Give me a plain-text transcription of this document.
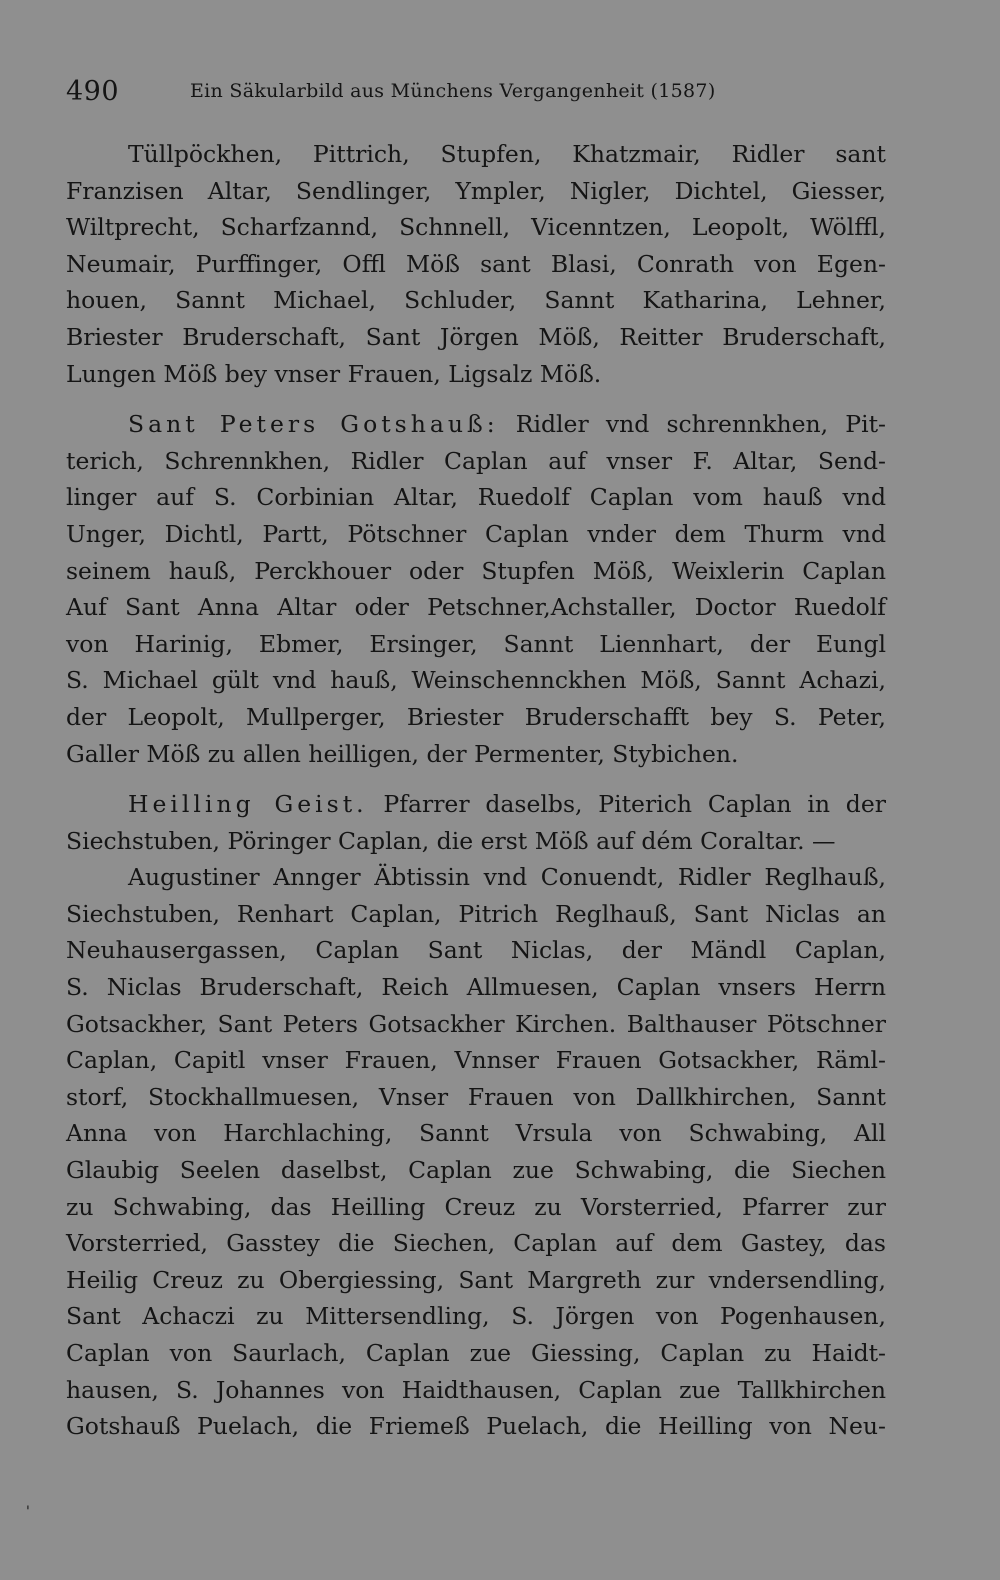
490	Ein Säkularbild aus Münchens Vergangenheit (1587)

Tüllpöckhen, Pittrich, Stupfen, Khatzmair, Ridler sant
Franzisen Altar, Sendlinger, Ympler, Nigler, Dichtel, Giesser,
Wiltprecht, Scharfzannd, Schnnell, Vicenntzen, Leopolt, Wölffl,
Neumair, Purffinger, Offl Möß sant Blasi, Conrath von Egen-
houen, Sannt Michael, Schluder, Sannt Katharina, Lehner,
Briester Bruderschaft, Sant Jörgen Möß, Reitter Bruderschaft,
Lungen Möß bey vnser Frauen, Ligsalz Möß.

Sant Peters Gotshauß: Ridler vnd schrennkhen, Pit-
terich, Schrennkhen, Ridler Caplan auf vnser F. Altar, Send-
linger auf S. Corbinian Altar, Ruedolf Caplan vom hauß vnd
Unger, Dichtl, Partt, Pötschner Caplan vnder dem Thurm vnd
seinem hauß, Perckhouer oder Stupfen Möß, Weixlerin Caplan
Auf Sant Anna Altar oder Petschner,Achstaller, Doctor Ruedolf
von Harinig, Ebmer, Ersinger, Sannt Liennhart, der Eungl
S. Michael gült vnd hauß, Weinschennckhen Möß, Sannt Achazi,
der Leopolt, Mullperger, Briester Bruderschafft bey S. Peter,
Galler Möß zu allen heilligen, der Permenter, Stybichen.

Heilling Geist. Pfarrer daselbs, Piterich Caplan in der
Siechstuben, Pöringer Caplan, die erst Möß auf dém Coraltar. —

Augustiner Annger Äbtissin vnd Conuendt, Ridler Reglhauß,
Siechstuben, Renhart Caplan, Pitrich Reglhauß, Sant Niclas an
Neuhausergassen, Caplan Sant Niclas, der Mändl Caplan,
S. Niclas Bruderschaft, Reich Allmuesen, Caplan vnsers Herrn
Gotsackher, Sant Peters Gotsackher Kirchen. Balthauser Pötschner
Caplan, Capitl vnser Frauen, Vnnser Frauen Gotsackher, Räml-
storf, Stockhallmuesen, Vnser Frauen von Dallkhirchen, Sannt
Anna von Harchlaching, Sannt Vrsula von Schwabing, All
Glaubig Seelen daselbst, Caplan zue Schwabing, die Siechen
zu Schwabing, das Heilling Creuz zu Vorsterried, Pfarrer zur
Vorsterried, Gasstey die Siechen, Caplan auf dem Gastey, das
Heilig Creuz zu Obergiessing, Sant Margreth zur vndersendling,
Sant Achaczi zu Mittersendling, S. Jörgen von Pogenhausen,
Caplan von Saurlach, Caplan zue Giessing, Caplan zu Haidt-
hausen, S. Johannes von Haidthausen, Caplan zue Tallkhirchen
Gotshauß Puelach, die Friemeß Puelach, die Heilling von Neu-

'
